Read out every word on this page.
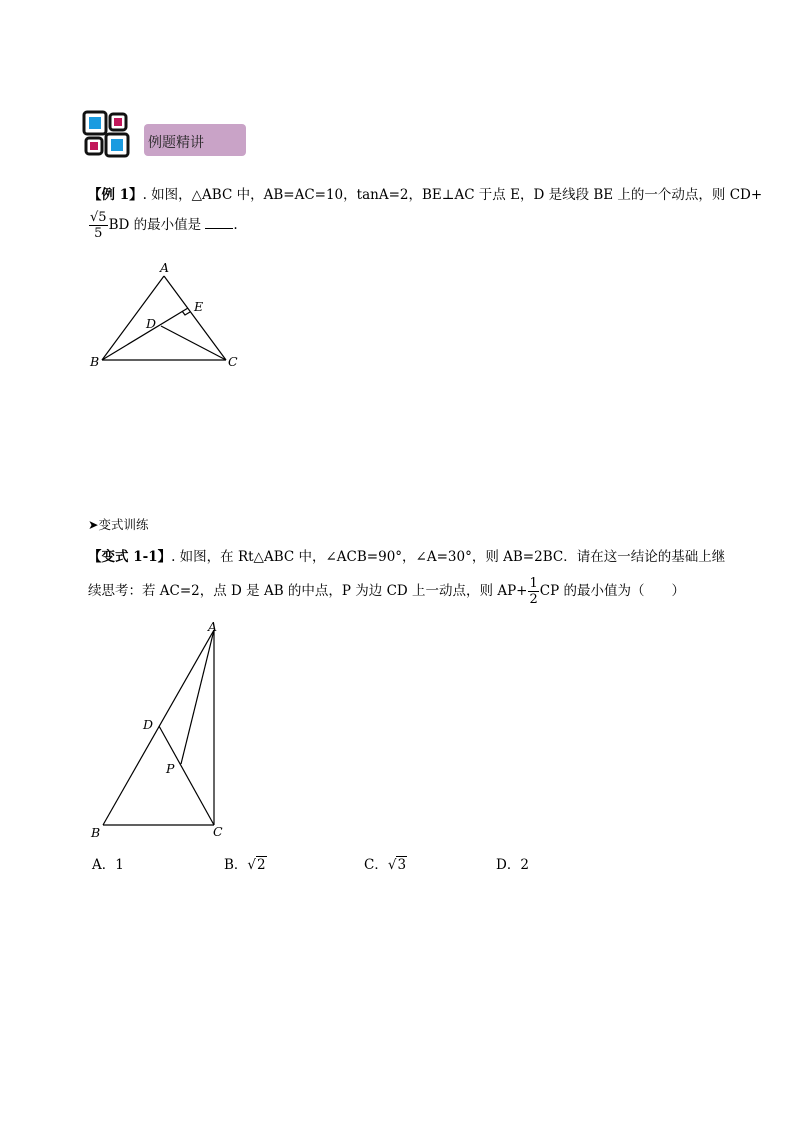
例题精讲
【例 1】. 如图，△ABC 中，AB=AC=10，tanA=2，BE⊥AC 于点 E，D 是线段 BE 上的一个动点，则 CD+
$\frac{√5}{5}$ BD 的最小值是 .
A
B	C
D
E
➤变式训练
【变式 1-1】. 如图，在 Rt△ABC 中，∠ACB=90°，∠A=30°，则 AB=2BC．请在这一结论的基础上继
续思考：若 AC=2，点 D 是 AB 的中点，P 为边 CD 上一动点，则 $AP+ \frac{1}{2}$ CP 的最小值为（　　）
A
B	C
D
P
A．1	B．√2	C．√3	D．2
